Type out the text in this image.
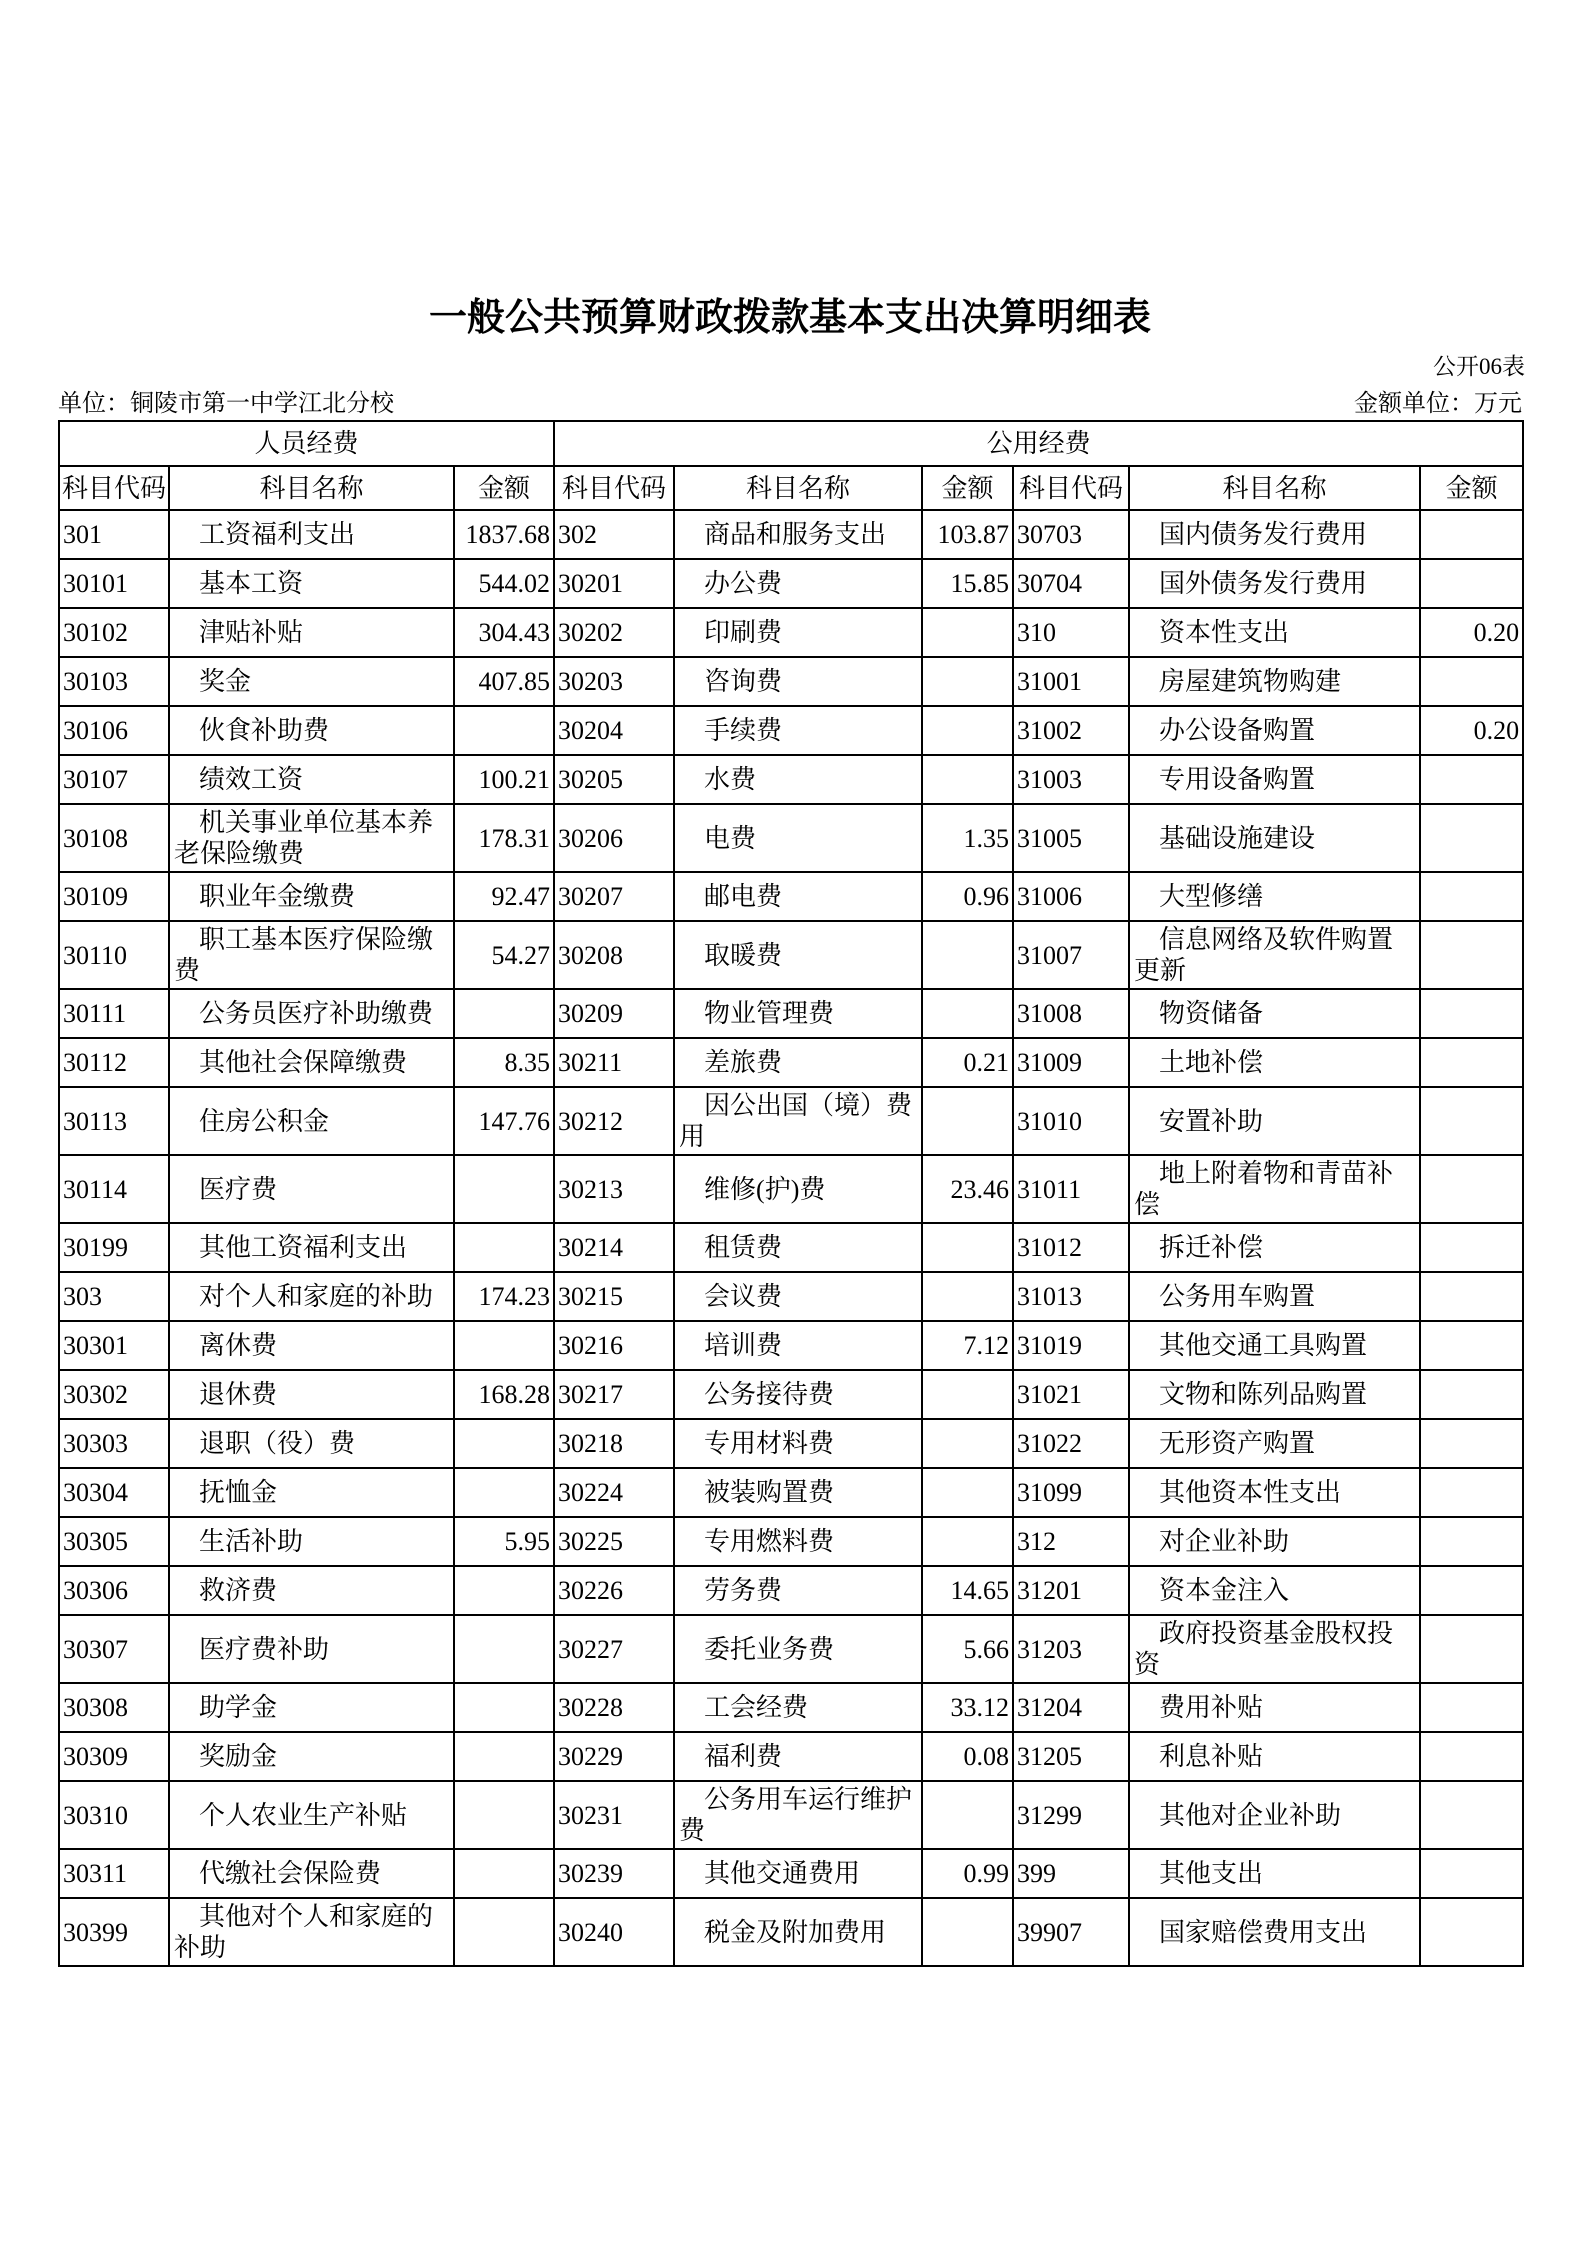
一般公共预算财政拨款基本支出决算明细表
公开06表
单位：铜陵市第一中学江北分校	金额单位：万元
人员经费			公用经费					
科目代码	科目名称	金额	科目代码	科目名称	金额	科目代码	科目名称	金额
301	工资福利支出	1837.68	302	商品和服务支出	103.87	30703	国内债务发行费用	
30101	基本工资	544.02	30201	办公费	15.85	30704	国外债务发行费用	
30102	津贴补贴	304.43	30202	印刷费		310	资本性支出	0.20
30103	奖金	407.85	30203	咨询费		31001	房屋建筑物购建	
30106	伙食补助费		30204	手续费		31002	办公设备购置	0.20
30107	绩效工资	100.21	30205	水费		31003	专用设备购置	
30108	机关事业单位基本养老保险缴费	178.31	30206	电费	1.35	31005	基础设施建设	
30109	职业年金缴费	92.47	30207	邮电费	0.96	31006	大型修缮	
30110	职工基本医疗保险缴费	54.27	30208	取暖费		31007	信息网络及软件购置更新	
30111	公务员医疗补助缴费		30209	物业管理费		31008	物资储备	
30112	其他社会保障缴费	8.35	30211	差旅费	0.21	31009	土地补偿	
30113	住房公积金	147.76	30212	因公出国（境）费用		31010	安置补助	
30114	医疗费		30213	维修(护)费	23.46	31011	地上附着物和青苗补偿	
30199	其他工资福利支出		30214	租赁费		31012	拆迁补偿	
303	对个人和家庭的补助	174.23	30215	会议费		31013	公务用车购置	
30301	离休费		30216	培训费	7.12	31019	其他交通工具购置	
30302	退休费	168.28	30217	公务接待费		31021	文物和陈列品购置	
30303	退职（役）费		30218	专用材料费		31022	无形资产购置	
30304	抚恤金		30224	被装购置费		31099	其他资本性支出	
30305	生活补助	5.95	30225	专用燃料费		312	对企业补助	
30306	救济费		30226	劳务费	14.65	31201	资本金注入	
30307	医疗费补助		30227	委托业务费	5.66	31203	政府投资基金股权投资	
30308	助学金		30228	工会经费	33.12	31204	费用补贴	
30309	奖励金		30229	福利费	0.08	31205	利息补贴	
30310	个人农业生产补贴		30231	公务用车运行维护费		31299	其他对企业补助	
30311	代缴社会保险费		30239	其他交通费用	0.99	399	其他支出	
30399	其他对个人和家庭的补助		30240	税金及附加费用		39907	国家赔偿费用支出	
